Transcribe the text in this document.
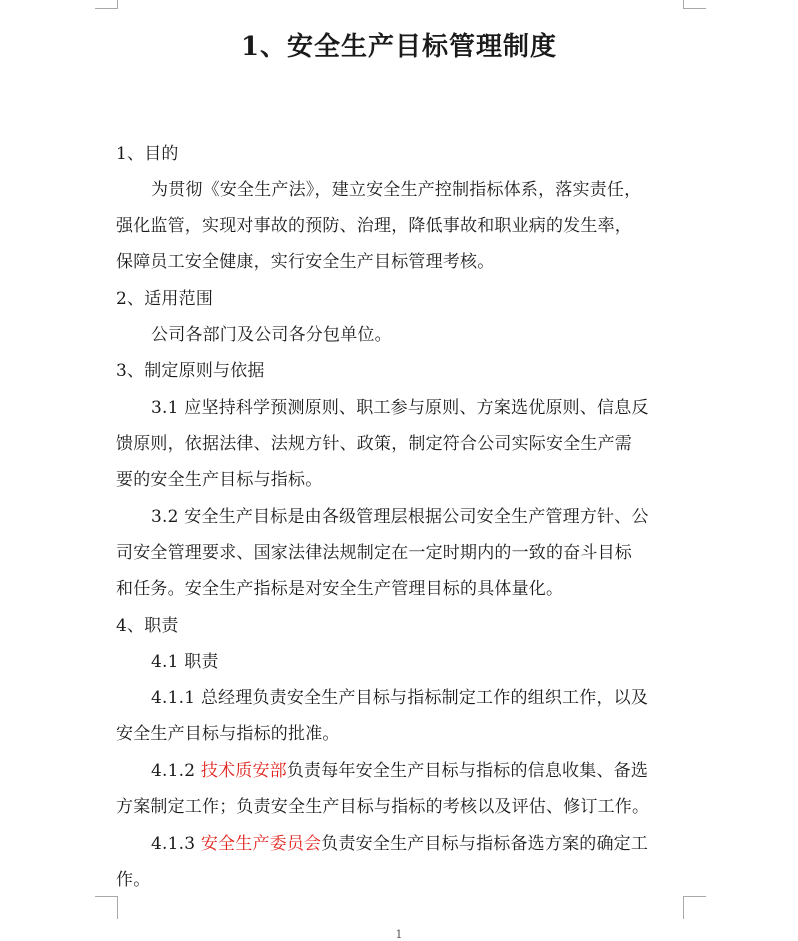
1、安全生产目标管理制度
1、目的
为贯彻《安全生产法》，建立安全生产控制指标体系，落实责任，
强化监管，实现对事故的预防、治理，降低事故和职业病的发生率，
保障员工安全健康，实行安全生产目标管理考核。
2、适用范围
公司各部门及公司各分包单位。
3、制定原则与依据
3.1 应坚持科学预测原则、职工参与原则、方案选优原则、信息反
馈原则，依据法律、法规方针、政策，制定符合公司实际安全生产需
要的安全生产目标与指标。
3.2 安全生产目标是由各级管理层根据公司安全生产管理方针、公
司安全管理要求、国家法律法规制定在一定时期内的一致的奋斗目标
和任务。安全生产指标是对安全生产管理目标的具体量化。
4、职责
4.1 职责
4.1.1 总经理负责安全生产目标与指标制定工作的组织工作，以及
安全生产目标与指标的批准。
4.1.2 技术质安部负责每年安全生产目标与指标的信息收集、备选
方案制定工作；负责安全生产目标与指标的考核以及评估、修订工作。
4.1.3 安全生产委员会负责安全生产目标与指标备选方案的确定工
作。
1
